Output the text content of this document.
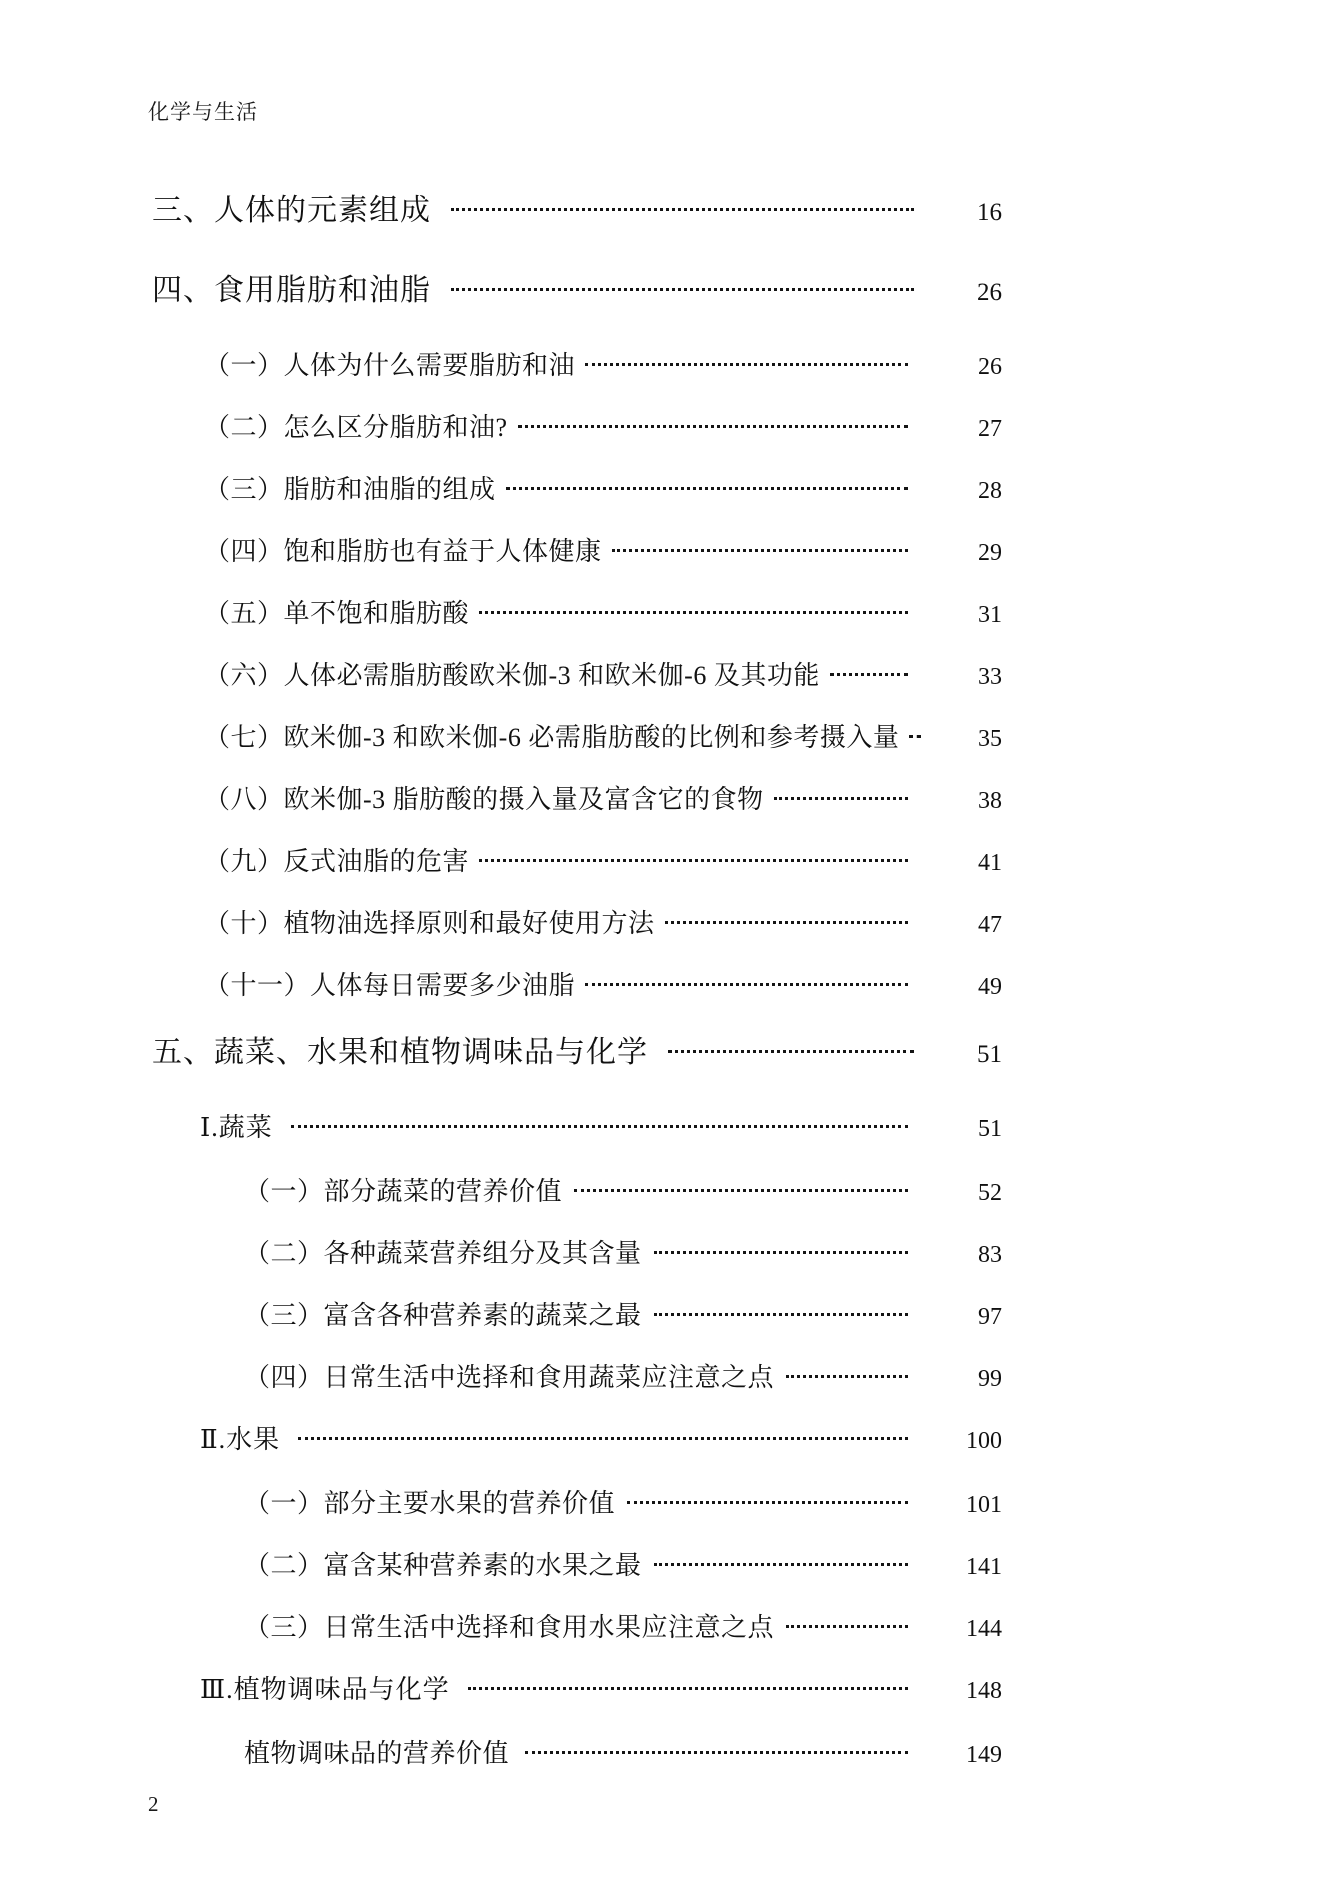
化学与生活
三、人体的元素组成	16
四、食用脂肪和油脂	26
（一）人体为什么需要脂肪和油	26
（二）怎么区分脂肪和油?	27
（三）脂肪和油脂的组成	28
（四）饱和脂肪也有益于人体健康	29
（五）单不饱和脂肪酸	31
（六）人体必需脂肪酸欧米伽-3 和欧米伽-6 及其功能	33
（七）欧米伽-3 和欧米伽-6 必需脂肪酸的比例和参考摄入量	35
（八）欧米伽-3 脂肪酸的摄入量及富含它的食物	38
（九）反式油脂的危害	41
（十）植物油选择原则和最好使用方法	47
（十一）人体每日需要多少油脂	49
五、蔬菜、水果和植物调味品与化学	51
Ⅰ.蔬菜	51
（一）部分蔬菜的营养价值	52
（二）各种蔬菜营养组分及其含量	83
（三）富含各种营养素的蔬菜之最	97
（四）日常生活中选择和食用蔬菜应注意之点	99
Ⅱ.水果	100
（一）部分主要水果的营养价值	101
（二）富含某种营养素的水果之最	141
（三）日常生活中选择和食用水果应注意之点	144
Ⅲ.植物调味品与化学	148
植物调味品的营养价值	149
2
